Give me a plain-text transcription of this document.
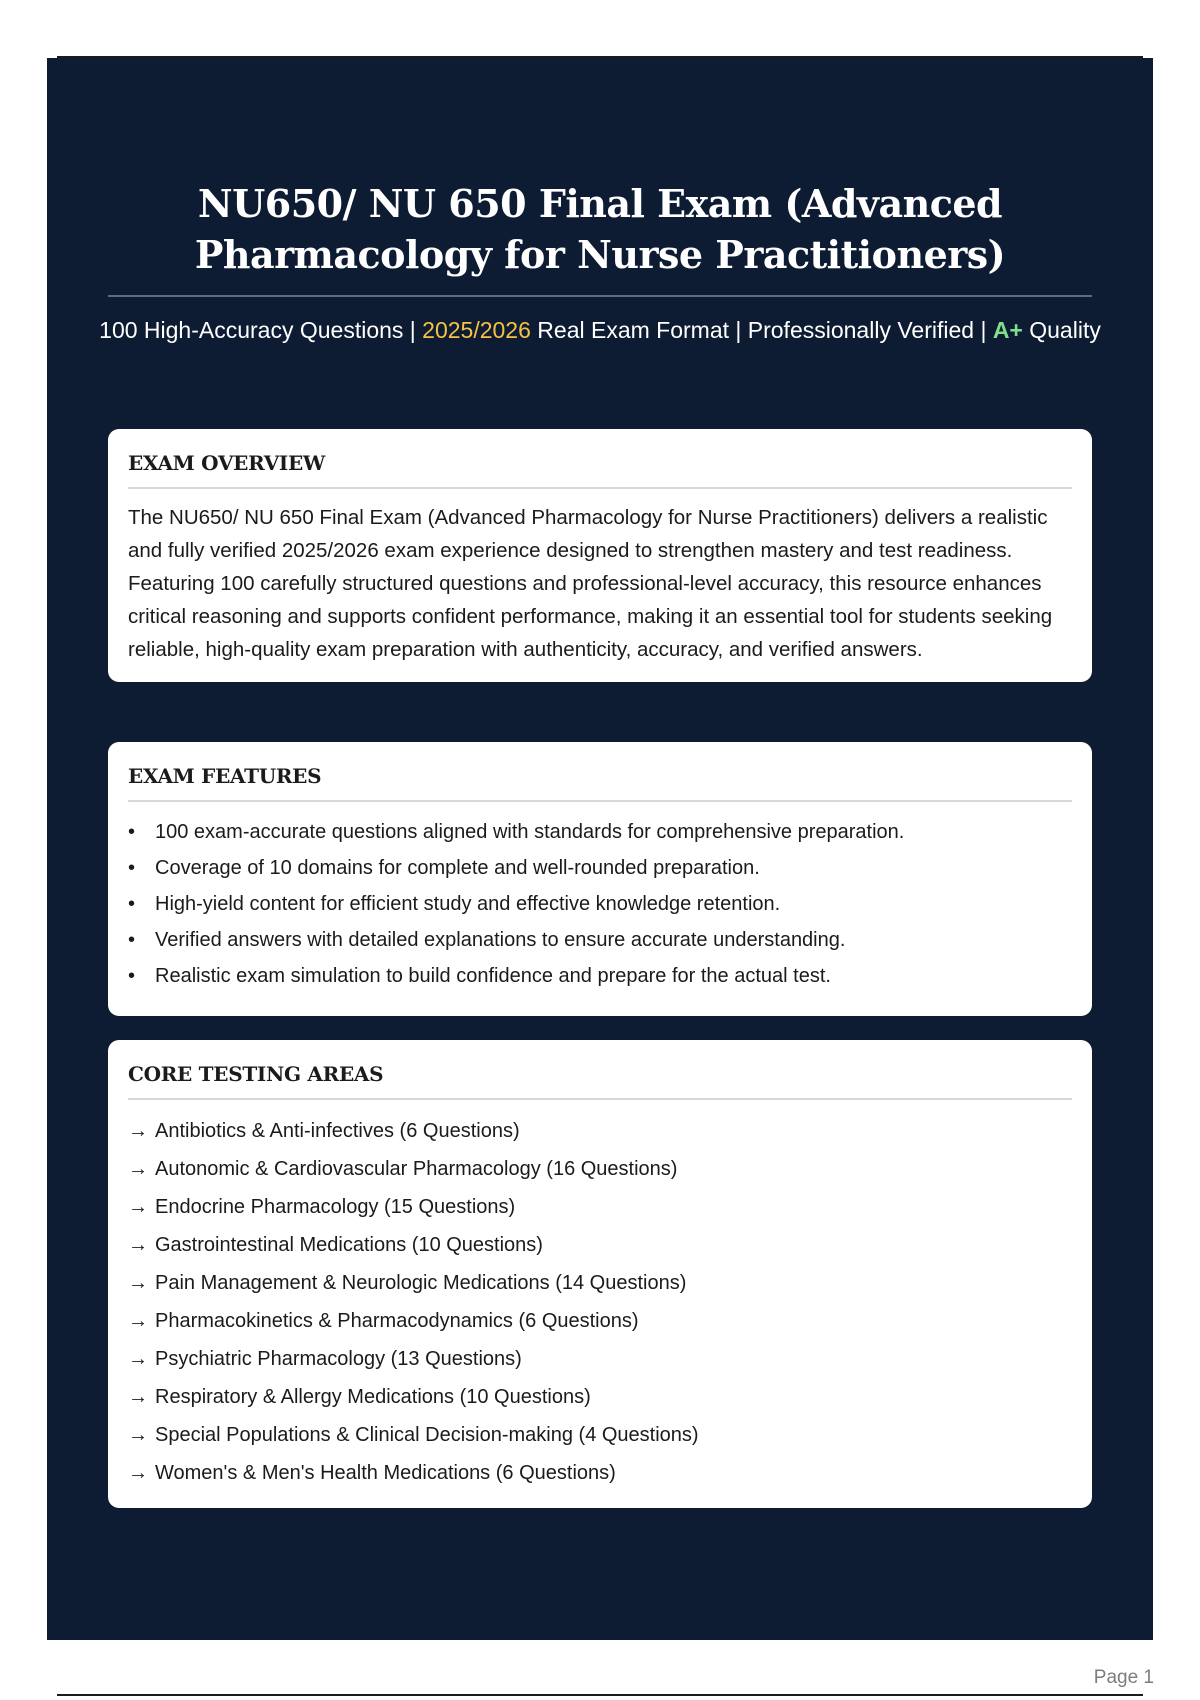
NU650/ NU 650 Final Exam (Advanced Pharmacology for Nurse Practitioners)

100 High-Accuracy Questions | 2025/2026 Real Exam Format | Professionally Verified | A+ Quality

EXAM OVERVIEW

The NU650/ NU 650 Final Exam (Advanced Pharmacology for Nurse Practitioners) delivers a realistic and fully verified 2025/2026 exam experience designed to strengthen mastery and test readiness. Featuring 100 carefully structured questions and professional-level accuracy, this resource enhances critical reasoning and supports confident performance, making it an essential tool for students seeking reliable, high-quality exam preparation with authenticity, accuracy, and verified answers.

EXAM FEATURES
• 100 exam-accurate questions aligned with standards for comprehensive preparation.
• Coverage of 10 domains for complete and well-rounded preparation.
• High-yield content for efficient study and effective knowledge retention.
• Verified answers with detailed explanations to ensure accurate understanding.
• Realistic exam simulation to build confidence and prepare for the actual test.
CORE TESTING AREAS
→ Antibiotics & Anti-infectives (6 Questions)
→ Autonomic & Cardiovascular Pharmacology (16 Questions)
→ Endocrine Pharmacology (15 Questions)
→ Gastrointestinal Medications (10 Questions)
→ Pain Management & Neurologic Medications (14 Questions)
→ Pharmacokinetics & Pharmacodynamics (6 Questions)
→ Psychiatric Pharmacology (13 Questions)
→ Respiratory & Allergy Medications (10 Questions)
→ Special Populations & Clinical Decision-making (4 Questions)
→ Women's & Men's Health Medications (6 Questions)
Page 1
